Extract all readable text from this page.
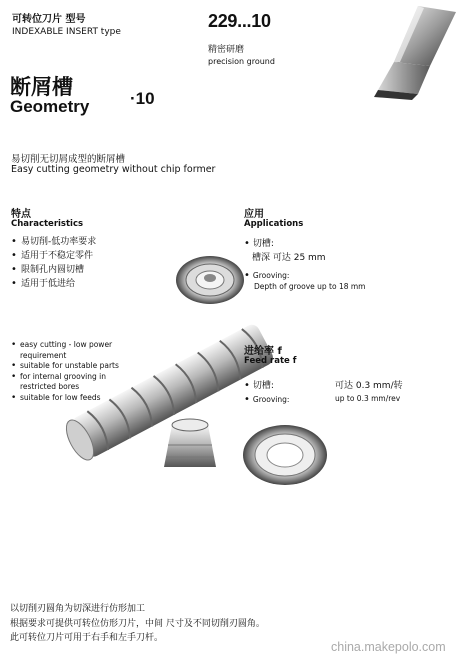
可转位刀片 型号
INDEXABLE INSERT type
229...10
精密研磨
precision ground
断屑槽
Geometry ·10
易切削无切屑成型的断屑槽
Easy cutting geometry without chip former
特点
Characteristics
• 易切削-低功率要求
• 适用于不稳定零件
• 限制孔内圆切槽
• 适用于低进给
• easy cutting - low power requirement
• suitable for unstable parts
• for internal grooving in restricted bores
• suitable for low feeds
应用
Applications
• 切槽:
槽深 可达 25 mm
• Grooving:
Depth of groove up to 18 mm
进给率 f
Feed rate f
• 切槽:	可达 0.3 mm/转
• Grooving:	up to 0.3 mm/rev
以切削刃圆角为切深进行仿形加工
根据要求可提供可转位仿形刀片，中间 尺寸及不同切削刃圆角。
此可转位刀片可用于右手和左手刀杆。
china.makepolo.com
